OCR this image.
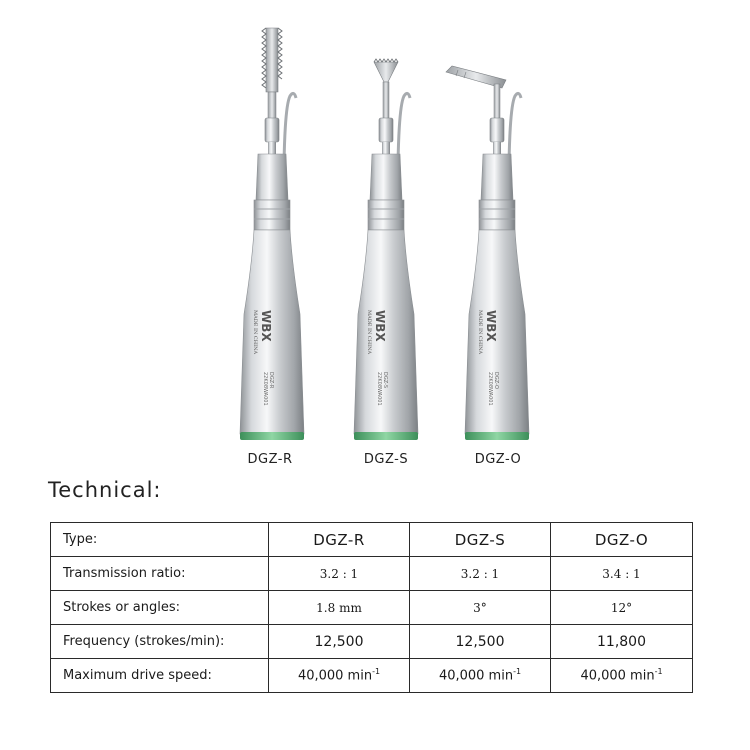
WBX
MADE IN CHINA
DGZ-R
22K08WA001
DGZ-R
WBX
MADE IN CHINA
DGZ-S
22K08WA001
DGZ-S
WBX
MADE IN CHINA
DGZ-O
22K08WA001
DGZ-O
Technical:
Type:	DGZ-R	DGZ-S	DGZ-O
Transmission ratio:	3.2 : 1	3.2 : 1	3.4 : 1
Strokes or angles:	1.8 mm	3°	12°
Frequency (strokes/min):	12,500	12,500	11,800
Maximum drive speed:	40,000 $\min^{-1}$	40,000 $\min^{-1}$	40,000 $\min^{-1}$
